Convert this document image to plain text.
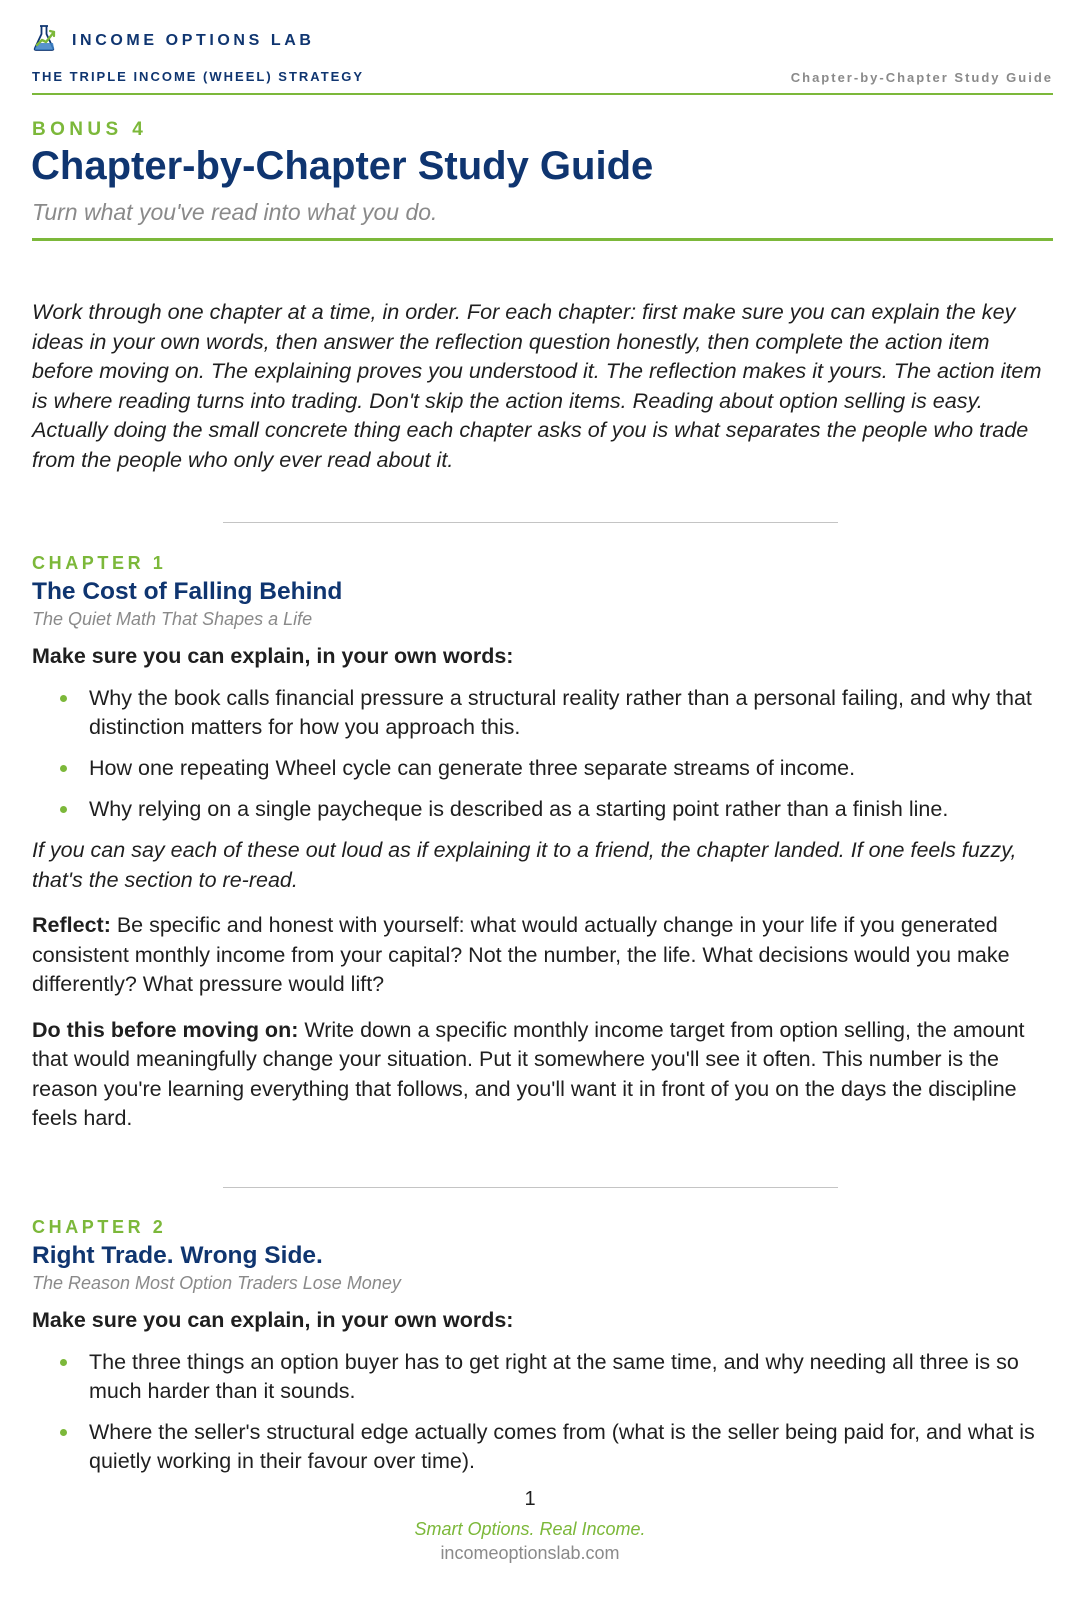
INCOME OPTIONS LAB
THE TRIPLE INCOME (WHEEL) STRATEGY	Chapter-by-Chapter Study Guide
BONUS 4
Chapter-by-Chapter Study Guide
Turn what you've read into what you do.

Work through one chapter at a time, in order. For each chapter: first make sure you can explain the key ideas in your own words, then answer the reflection question honestly, then complete the action item before moving on. The explaining proves you understood it. The reflection makes it yours. The action item is where reading turns into trading. Don't skip the action items. Reading about option selling is easy. Actually doing the small concrete thing each chapter asks of you is what separates the people who trade from the people who only ever read about it.

CHAPTER 1
The Cost of Falling Behind
The Quiet Math That Shapes a Life
Make sure you can explain, in your own words:
Why the book calls financial pressure a structural reality rather than a personal failing, and why that distinction matters for how you approach this.
How one repeating Wheel cycle can generate three separate streams of income.
Why relying on a single paycheque is described as a starting point rather than a finish line.
If you can say each of these out loud as if explaining it to a friend, the chapter landed. If one feels fuzzy, that's the section to re-read.
Reflect: Be specific and honest with yourself: what would actually change in your life if you generated consistent monthly income from your capital? Not the number, the life. What decisions would you make differently? What pressure would lift?
Do this before moving on: Write down a specific monthly income target from option selling, the amount that would meaningfully change your situation. Put it somewhere you'll see it often. This number is the reason you're learning everything that follows, and you'll want it in front of you on the days the discipline feels hard.
CHAPTER 2
Right Trade. Wrong Side.
The Reason Most Option Traders Lose Money
Make sure you can explain, in your own words:
The three things an option buyer has to get right at the same time, and why needing all three is so much harder than it sounds.
Where the seller's structural edge actually comes from (what is the seller being paid for, and what is quietly working in their favour over time).
1
Smart Options. Real Income.
incomeoptionslab.com
